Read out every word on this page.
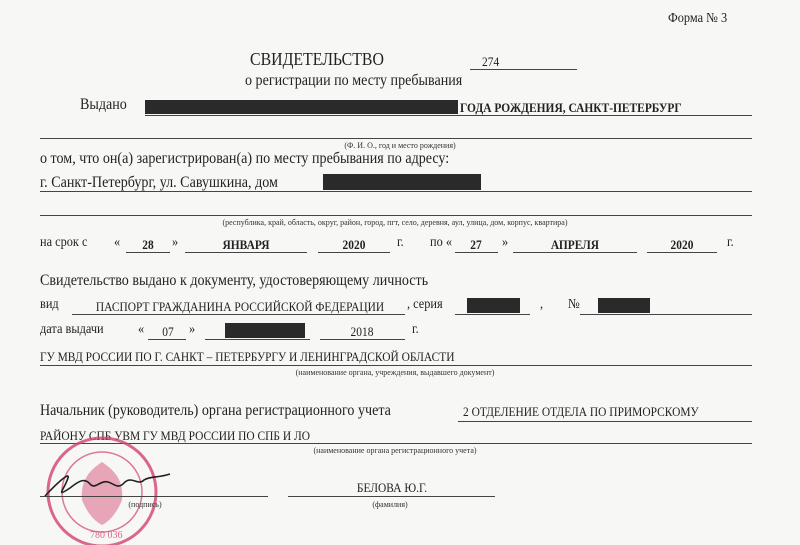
Форма № 3
СВИДЕТЕЛЬСТВО	274
о регистрации по месту пребывания
Выдано	ГОДА РОЖДЕНИЯ, САНКТ-ПЕТЕРБУРГ
(Ф. И. О., год и место рождения)
о том, что он(а) зарегистрирован(а) по месту пребывания по адресу:
г. Санкт-Петербург, ул. Савушкина, дом
(республика, край, область, округ, район, город, пгт, село, деревня, аул, улица, дом, корпус, квартира)
на срок с « 28 »	ЯНВАРЯ	2020 г. по « 27 »	АПРЕЛЯ	2020 г.
Свидетельство выдано к документу, удостоверяющему личность
вид	ПАСПОРТ ГРАЖДАНИНА РОССИЙСКОЙ ФЕДЕРАЦИИ , серия	, №
дата выдачи « 07 »	2018	г.
ГУ МВД РОССИИ ПО Г. САНКТ – ПЕТЕРБУРГУ И ЛЕНИНГРАДСКОЙ ОБЛАСТИ
(наименование органа, учреждения, выдавшего документ)
Начальник (руководитель) органа регистрационного учета	2 ОТДЕЛЕНИЕ ОТДЕЛА ПО ПРИМОРСКОМУ
РАЙОНУ СПБ УВМ ГУ МВД РОССИИ ПО СПБ И ЛО
(наименование органа регистрационного учета)
780 036
(подпись)
БЕЛОВА Ю.Г.
(фамилия)
